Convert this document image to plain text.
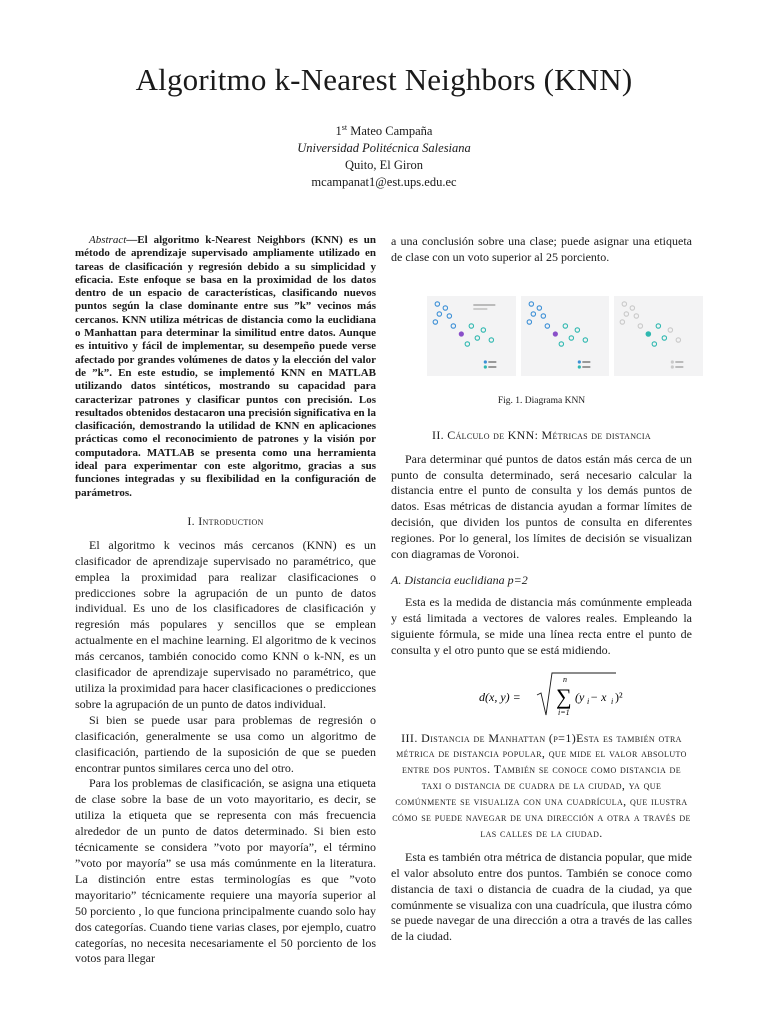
Algoritmo k-Nearest Neighbors (KNN)
1st Mateo Campaña
Universidad Politécnica Salesiana
Quito, El Giron
mcampanat1@est.ups.edu.ec

Abstract—El algoritmo k-Nearest Neighbors (KNN) es un método de aprendizaje supervisado ampliamente utilizado en tareas de clasificación y regresión debido a su simplicidad y eficacia. Este enfoque se basa en la proximidad de los datos dentro de un espacio de características, clasificando nuevos puntos según la clase dominante entre sus ”k” vecinos más cercanos. KNN utiliza métricas de distancia como la euclidiana o Manhattan para determinar la similitud entre datos. Aunque es intuitivo y fácil de implementar, su desempeño puede verse afectado por grandes volúmenes de datos y la elección del valor de ”k”. En este estudio, se implementó KNN en MATLAB utilizando datos sintéticos, mostrando su capacidad para caracterizar patrones y clasificar puntos con precisión. Los resultados obtenidos destacaron una precisión significativa en la clasificación, demostrando la utilidad de KNN en aplicaciones prácticas como el reconocimiento de patrones y la visión por computadora. MATLAB se presenta como una herramienta ideal para experimentar con este algoritmo, gracias a sus funciones integradas y su flexibilidad en la configuración de parámetros.

I. Introduction

El algoritmo k vecinos más cercanos (KNN) es un clasificador de aprendizaje supervisado no paramétrico, que emplea la proximidad para realizar clasificaciones o predicciones sobre la agrupación de un punto de datos individual. Es uno de los clasificadores de clasificación y regresión más populares y sencillos que se emplean actualmente en el machine learning. El algoritmo de k vecinos más cercanos, también conocido como KNN o k-NN, es un clasificador de aprendizaje supervisado no paramétrico, que utiliza la proximidad para hacer clasificaciones o predicciones sobre la agrupación de un punto de datos individual.

Si bien se puede usar para problemas de regresión o clasificación, generalmente se usa como un algoritmo de clasificación, partiendo de la suposición de que se pueden encontrar puntos similares cerca uno del otro.

Para los problemas de clasificación, se asigna una etiqueta de clase sobre la base de un voto mayoritario, es decir, se utiliza la etiqueta que se representa con más frecuencia alrededor de un punto de datos determinado. Si bien esto técnicamente se considera ”voto por mayoría”, el término ”voto por mayoría” se usa más comúnmente en la literatura. La distinción entre estas terminologías es que ”voto mayoritario” técnicamente requiere una mayoría superior al 50 porciento , lo que funciona principalmente cuando solo hay dos categorías. Cuando tiene varias clases, por ejemplo, cuatro categorías, no necesita necesariamente el 50 porciento de los votos para llegar

a una conclusión sobre una clase; puede asignar una etiqueta de clase con un voto superior al 25 porciento.

Fig. 1. Diagrama KNN
II. Cálculo de KNN: Métricas de distancia

Para determinar qué puntos de datos están más cerca de un punto de consulta determinado, será necesario calcular la distancia entre el punto de consulta y los demás puntos de datos. Esas métricas de distancia ayudan a formar límites de decisión, que dividen los puntos de consulta en diferentes regiones. Por lo general, los límites de decisión se visualizan con diagramas de Voronoi.

A. Distancia euclidiana p=2

Esta es la medida de distancia más comúnmente empleada y está limitada a vectores de valores reales. Empleando la siguiente fórmula, se mide una línea recta entre el punto de consulta y el otro punto que se está midiendo.

d(x, y) =
n
∑
i=1
(y i − x i )²
III. Distancia de Manhattan (p=1)Esta es también otra métrica de distancia popular, que mide el valor absoluto entre dos puntos. También se conoce como distancia de taxi o distancia de cuadra de la ciudad, ya que comúnmente se visualiza con una cuadrícula, que ilustra cómo se puede navegar de una dirección a otra a través de las calles de la ciudad.

Esta es también otra métrica de distancia popular, que mide el valor absoluto entre dos puntos. También se conoce como distancia de taxi o distancia de cuadra de la ciudad, ya que comúnmente se visualiza con una cuadrícula, que ilustra cómo se puede navegar de una dirección a otra a través de las calles de la ciudad.
